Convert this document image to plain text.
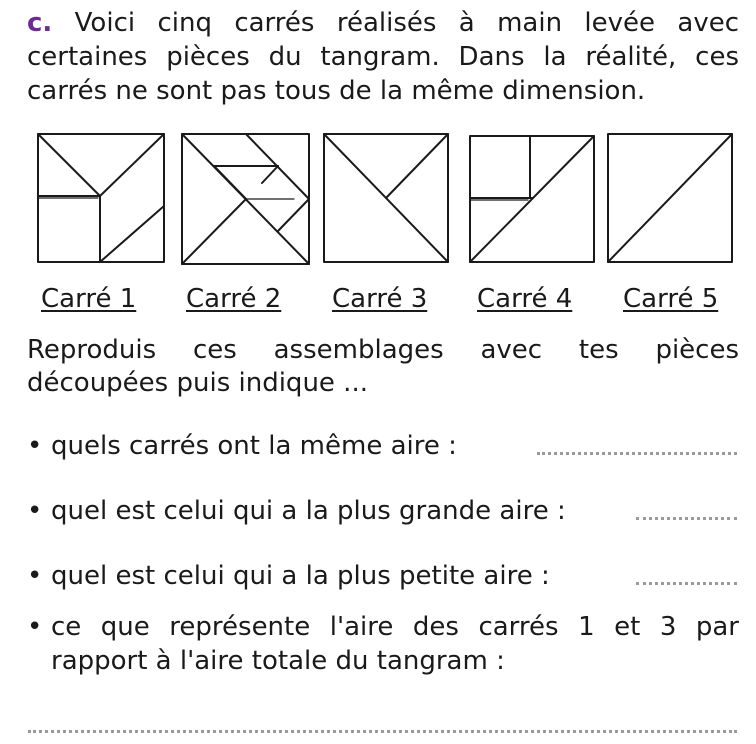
c. Voici cinq carrés réalisés à main levée avec certaines pièces du tangram. Dans la réalité, ces carrés ne sont pas tous de la même dimension.

Carré 1 Carré 2 Carré 3 Carré 4 Carré 5

Reproduis ces assemblages avec tes pièces découpées puis indique ...

• quels carrés ont la même aire :
• quel est celui qui a la plus grande aire :
• quel est celui qui a la plus petite aire :
• ce que représente l'aire des carrés 1 et 3 par rapport à l'aire totale du tangram :
